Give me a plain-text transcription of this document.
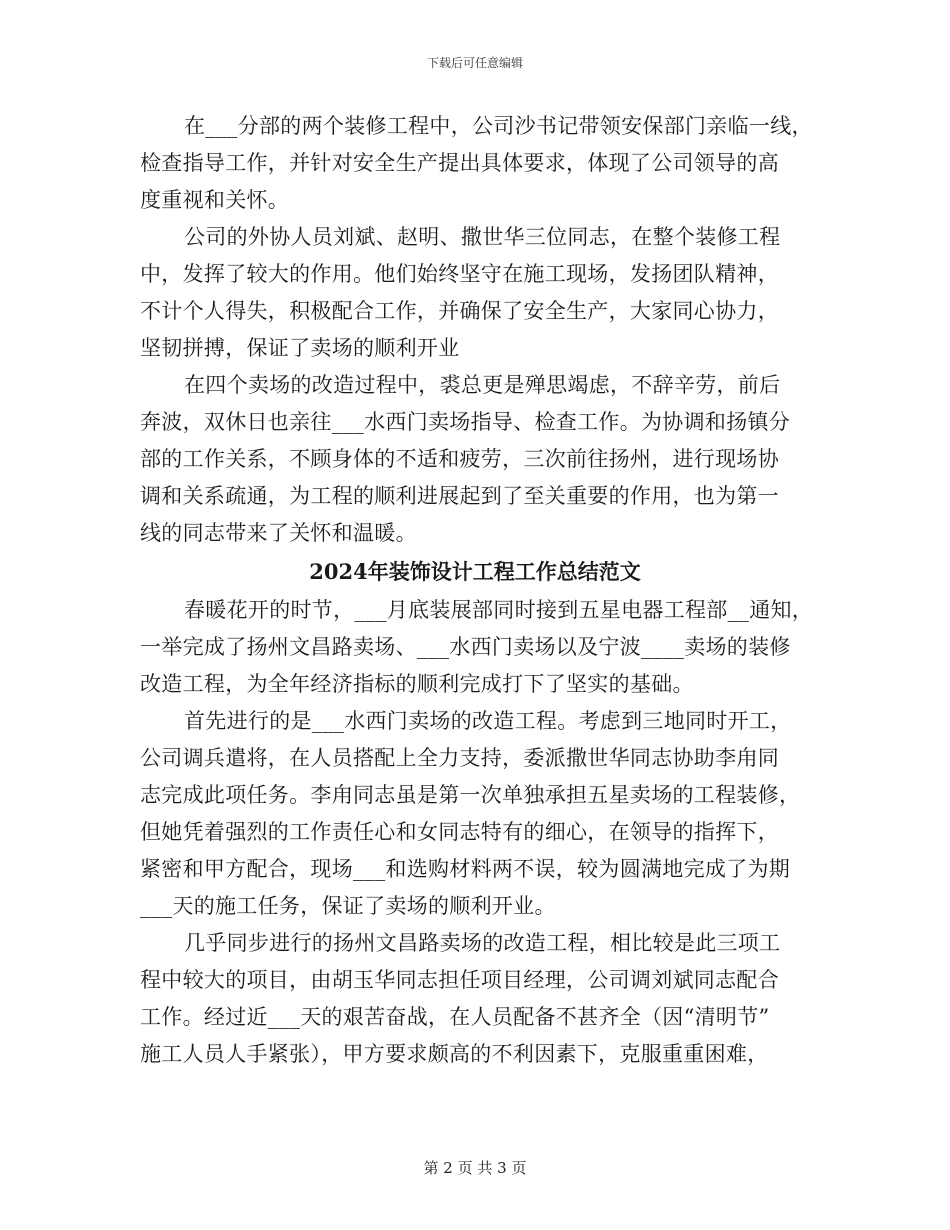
下载后可任意编辑
在___分部的两个装修工程中，公司沙书记带领安保部门亲临一线，
检查指导工作，并针对安全生产提出具体要求，体现了公司领导的高
度重视和关怀。
公司的外协人员刘斌、赵明、撒世华三位同志，在整个装修工程
中，发挥了较大的作用。他们始终坚守在施工现场，发扬团队精神，
不计个人得失，积极配合工作，并确保了安全生产，大家同心协力，
坚韧拼搏，保证了卖场的顺利开业
在四个卖场的改造过程中，裘总更是殚思竭虑，不辞辛劳，前后
奔波，双休日也亲往___水西门卖场指导、检查工作。为协调和扬镇分
部的工作关系，不顾身体的不适和疲劳，三次前往扬州，进行现场协
调和关系疏通，为工程的顺利进展起到了至关重要的作用，也为第一
线的同志带来了关怀和温暖。
2024年装饰设计工程工作总结范文
春暖花开的时节，___月底装展部同时接到五星电器工程部__通知，
一举完成了扬州文昌路卖场、___水西门卖场以及宁波____卖场的装修
改造工程，为全年经济指标的顺利完成打下了坚实的基础。
首先进行的是___水西门卖场的改造工程。考虑到三地同时开工，
公司调兵遣将，在人员搭配上全力支持，委派撒世华同志协助李甪同
志完成此项任务。李甪同志虽是第一次单独承担五星卖场的工程装修，
但她凭着强烈的工作责任心和女同志特有的细心，在领导的指挥下，
紧密和甲方配合，现场___和选购材料两不误，较为圆满地完成了为期
___天的施工任务，保证了卖场的顺利开业。
几乎同步进行的扬州文昌路卖场的改造工程，相比较是此三项工
程中较大的项目，由胡玉华同志担任项目经理，公司调刘斌同志配合
工作。经过近___天的艰苦奋战，在人员配备不甚齐全（因“清明节”
施工人员人手紧张），甲方要求颇高的不利因素下，克服重重困难，
第 2 页 共 3 页
